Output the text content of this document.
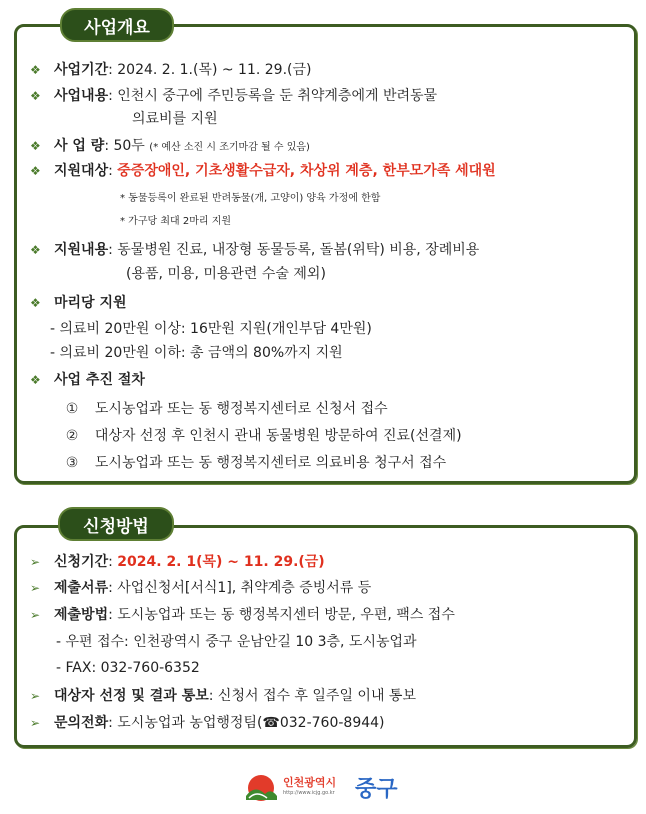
사업개요
❖ 사업기간: 2024. 2. 1.(목) ~ 11. 29.(금)
❖ 사업내용: 인천시 중구에 주민등록을 둔 취약계층에게 반려동물
의료비를 지원
❖ 사 업 량: 50두 (* 예산 소진 시 조기마감 될 수 있음)
❖ 지원대상: 중증장애인, 기초생활수급자, 차상위 계층, 한부모가족 세대원
* 동물등록이 완료된 반려동물(개, 고양이) 양육 가정에 한함
* 가구당 최대 2마리 지원
❖ 지원내용: 동물병원 진료, 내장형 동물등록, 돌봄(위탁) 비용, 장례비용
(용품, 미용, 미용관련 수술 제외)
❖ 마리당 지원
- 의료비 20만원 이상: 16만원 지원(개인부담 4만원)
- 의료비 20만원 이하: 총 금액의 80%까지 지원
❖ 사업 추진 절차
① 도시농업과 또는 동 행정복지센터로 신청서 접수
② 대상자 선정 후 인천시 관내 동물병원 방문하여 진료(선결제)
③ 도시농업과 또는 동 행정복지센터로 의료비용 청구서 접수
신청방법
➢ 신청기간: 2024. 2. 1(목) ~ 11. 29.(금)
➢ 제출서류: 사업신청서[서식1], 취약계층 증빙서류 등
➢ 제출방법: 도시농업과 또는 동 행정복지센터 방문, 우편, 팩스 접수
- 우편 접수: 인천광역시 중구 운남안길 10 3층, 도시농업과
- FAX: 032-760-6352
➢ 대상자 선정 및 결과 통보: 신청서 접수 후 일주일 이내 통보
➢ 문의전화: 도시농업과 농업행정팀(☎032-760-8944)
인천광역시
http://www.icjg.go.kr 중구
